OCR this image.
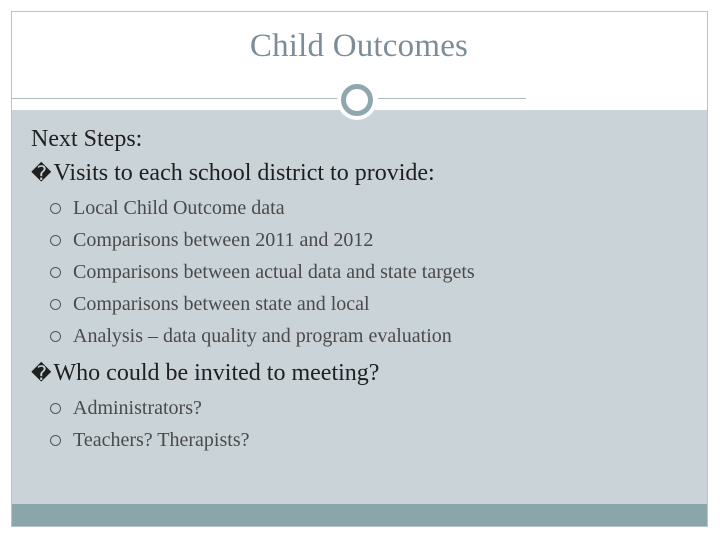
Child Outcomes

Next Steps:

� Visits to each school district to provide:
Local Child Outcome data
Comparisons between 2011 and 2012
Comparisons between actual data and state targets
Comparisons between state and local
Analysis – data quality and program evaluation
� Who could be invited to meeting?
Administrators?
Teachers? Therapists?
